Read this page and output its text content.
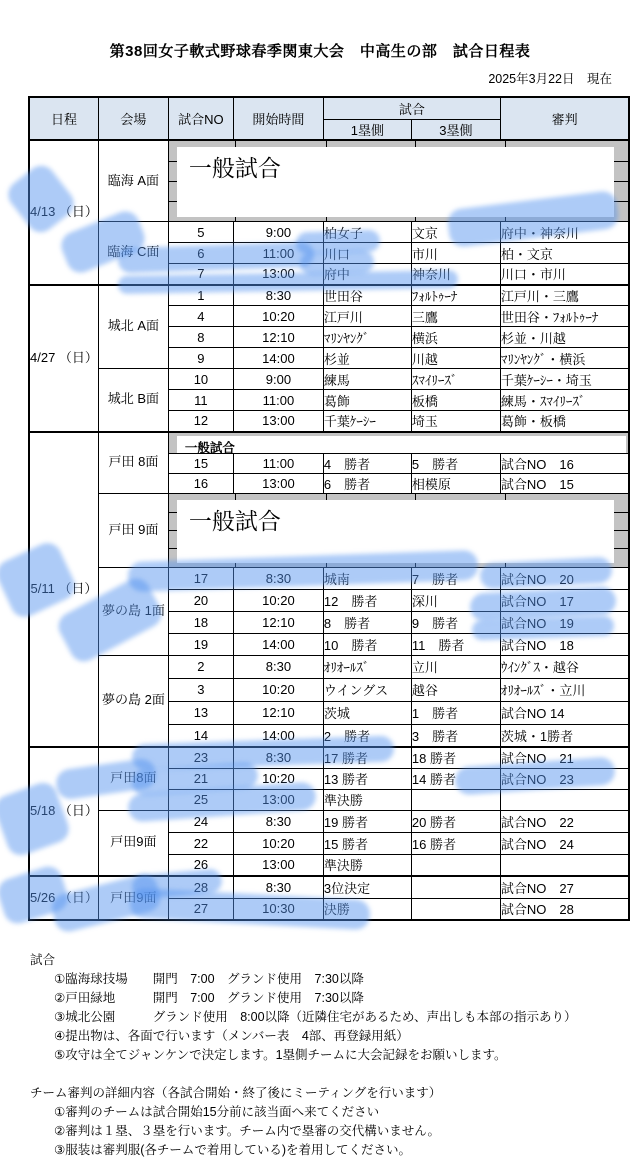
第38回女子軟式野球春季関東大会　中高生の部　試合日程表
2025年3月22日　現在
日程	会場	試合NO	開始時間	試合		審判
				1塁側	3塁側	
4/13 （日）	臨海 A面	一般試合				

	臨海 C面	5	9:00	柏女子	文京	府中・神奈川
		6	11:00	川口	市川	柏・文京
		7	13:00	府中	神奈川	川口・市川
4/27 （日）	城北 A面	1	8:30	世田谷	ﾌｫﾙﾄｩｰﾅ	江戸川・三鷹
		4	10:20	江戸川	三鷹	世田谷・ﾌｫﾙﾄｩｰﾅ
		8	12:10	ﾏﾘﾝﾔﾝｸﾞ	横浜	杉並・川越
		9	14:00	杉並	川越	ﾏﾘﾝﾔﾝｸﾞ・横浜
	城北 B面	10	9:00	練馬	ｽﾏｲﾘｰｽﾞ	千葉ｹｰｼｰ・埼玉
		11	11:00	葛飾	板橋	練馬・ｽﾏｲﾘｰｽﾞ
		12	13:00	千葉ｹｰｼｰ	埼玉	葛飾・板橋
5/11 （日）	戸田 8面	一般試合				

		15	11:00	4　勝者	5　勝者	試合NO　16
		16	13:00	6　勝者	相模原	試合NO　15
	戸田 9面	一般試合				

	夢の島 1面	17	8:30	城南	7　勝者	試合NO　20
		20	10:20	12　勝者	深川	試合NO　17
		18	12:10	8　勝者	9　勝者	試合NO　19
		19	14:00	10　勝者	11　勝者	試合NO　18
	夢の島 2面	2	8:30	ｵﾘｵｰﾙｽﾞ	立川	ｳｲﾝｸﾞｽ・越谷
		3	10:20	ウイングス	越谷	ｵﾘｵｰﾙｽﾞ・立川
		13	12:10	茨城	1　勝者	試合NO 14
		14	14:00	2　勝者	3　勝者	茨城・1勝者
5/18 （日）	戸田8面	23	8:30	17 勝者	18 勝者	試合NO　21
		21	10:20	13 勝者	14 勝者	試合NO　23
		25	13:00	準決勝		
	戸田9面	24	8:30	19 勝者	20 勝者	試合NO　22
		22	10:20	15 勝者	16 勝者	試合NO　24
		26	13:00	準決勝		
5/26 （日）	戸田9面	28	8:30	3位決定		試合NO　27
		27	10:30	決勝		試合NO　28
試合
①臨海球技場　　開門　7:00　グランド使用　7:30以降
②戸田緑地　　　開門　7:00　グランド使用　7:30以降
③城北公園　　　グランド使用　8:00以降（近隣住宅があるため、声出しも本部の指示あり）
④提出物は、各面で行います（メンバー表　4部、再登録用紙）
⑤攻守は全てジャンケンで決定します。1塁側チームに大会記録をお願いします。
チーム審判の詳細内容（各試合開始・終了後にミーティングを行います）
①審判のチームは試合開始15分前に該当面へ来てください
②審判は１塁、３塁を行います。チーム内で塁審の交代構いません。
③服装は審判服(各チームで着用している)を着用してください。
